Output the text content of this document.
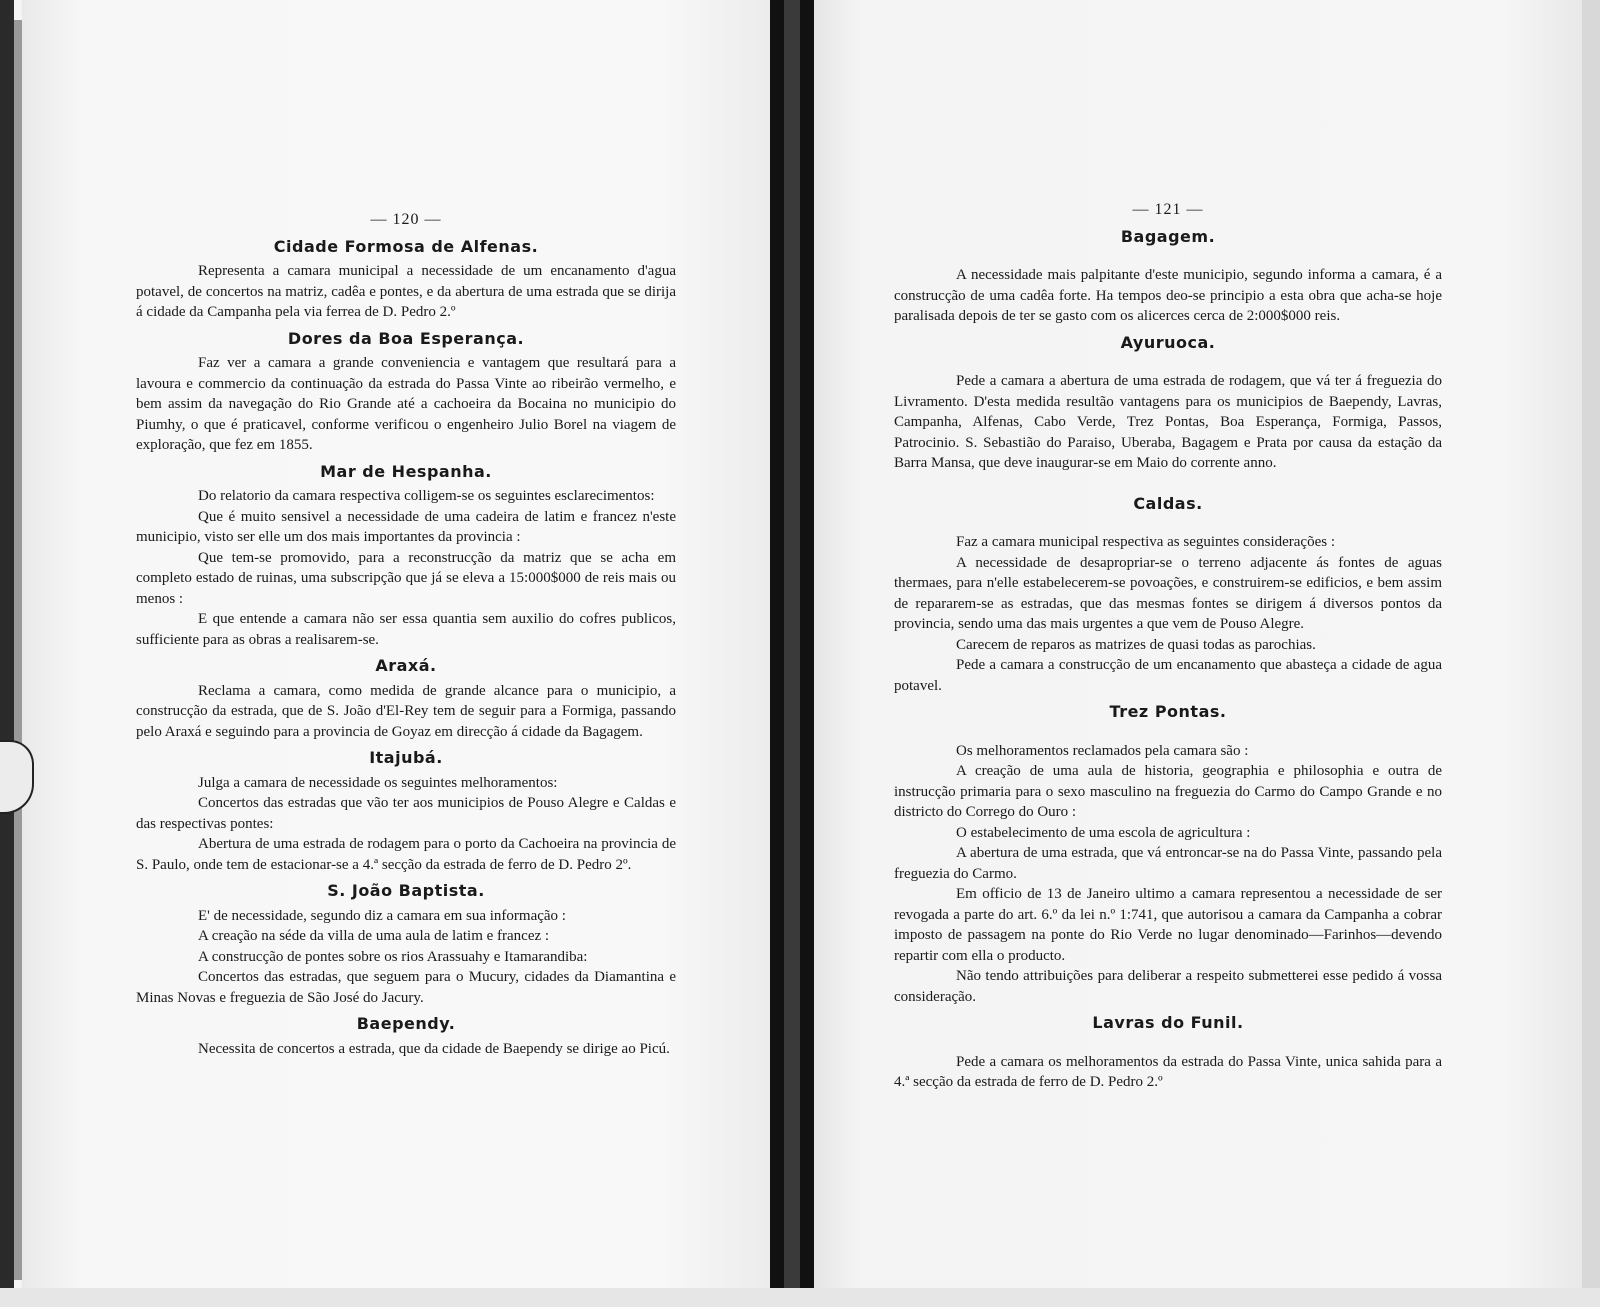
— 120 —
Cidade Formosa de Alfenas.

Representa a camara municipal a necessidade de um encanamento d'agua potavel, de concertos na matriz, cadêa e pontes, e da abertura de uma estrada que se dirija á cidade da Campanha pela via ferrea de D. Pedro 2.º

Dores da Boa Esperança.

Faz ver a camara a grande conveniencia e vantagem que resultará para a lavoura e commercio da continuação da estrada do Passa Vinte ao ribeirão vermelho, e bem assim da navegação do Rio Grande até a cachoeira da Bocaina no municipio do Piumhy, o que é praticavel, conforme verificou o engenheiro Julio Borel na viagem de exploração, que fez em 1855.

Mar de Hespanha.

Do relatorio da camara respectiva colligem-se os seguintes esclarecimentos:

Que é muito sensivel a necessidade de uma cadeira de latim e francez n'este municipio, visto ser elle um dos mais importantes da provincia :

Que tem-se promovido, para a reconstrucção da matriz que se acha em completo estado de ruinas, uma subscripção que já se eleva a 15:000$000 de reis mais ou menos :

E que entende a camara não ser essa quantia sem auxilio do cofres publicos, sufficiente para as obras a realisarem-se.

Araxá.

Reclama a camara, como medida de grande alcance para o municipio, a construcção da estrada, que de S. João d'El-Rey tem de seguir para a Formiga, passando pelo Araxá e seguindo para a provincia de Goyaz em direcção á cidade da Bagagem.

Itajubá.

Julga a camara de necessidade os seguintes melhoramentos:

Concertos das estradas que vão ter aos municipios de Pouso Alegre e Caldas e das respectivas pontes:

Abertura de uma estrada de rodagem para o porto da Cachoeira na provincia de S. Paulo, onde tem de estacionar-se a 4.ª secção da estrada de ferro de D. Pedro 2º.

S. João Baptista.

E' de necessidade, segundo diz a camara em sua informação :

A creação na séde da villa de uma aula de latim e francez :

A construcção de pontes sobre os rios Arassuahy e Itamarandiba:

Concertos das estradas, que seguem para o Mucury, cidades da Diamantina e Minas Novas e freguezia de São José do Jacury.

Baependy.

Necessita de concertos a estrada, que da cidade de Baependy se dirige ao Picú.

— 121 —
Bagagem.

A necessidade mais palpitante d'este municipio, segundo informa a camara, é a construcção de uma cadêa forte. Ha tempos deo-se principio a esta obra que acha-se hoje paralisada depois de ter se gasto com os alicerces cerca de 2:000$000 reis.

Ayuruoca.

Pede a camara a abertura de uma estrada de rodagem, que vá ter á freguezia do Livramento. D'esta medida resultão vantagens para os municipios de Baependy, Lavras, Campanha, Alfenas, Cabo Verde, Trez Pontas, Boa Esperança, Formiga, Passos, Patrocinio. S. Sebastião do Paraiso, Uberaba, Bagagem e Prata por causa da estação da Barra Mansa, que deve inaugurar-se em Maio do corrente anno.

Caldas.

Faz a camara municipal respectiva as seguintes considerações :

A necessidade de desapropriar-se o terreno adjacente ás fontes de aguas thermaes, para n'elle estabelecerem-se povoações, e construirem-se edificios, e bem assim de repararem-se as estradas, que das mesmas fontes se dirigem á diversos pontos da provincia, sendo uma das mais urgentes a que vem de Pouso Alegre.

Carecem de reparos as matrizes de quasi todas as parochias.

Pede a camara a construcção de um encanamento que abasteça a cidade de agua potavel.

Trez Pontas.

Os melhoramentos reclamados pela camara são :

A creação de uma aula de historia, geographia e philosophia e outra de instrucção primaria para o sexo masculino na freguezia do Carmo do Campo Grande e no districto do Corrego do Ouro :

O estabelecimento de uma escola de agricultura :

A abertura de uma estrada, que vá entroncar-se na do Passa Vinte, passando pela freguezia do Carmo.

Em officio de 13 de Janeiro ultimo a camara representou a necessidade de ser revogada a parte do art. 6.º da lei n.º 1:741, que autorisou a camara da Campanha a cobrar imposto de passagem na ponte do Rio Verde no lugar denominado—Farinhos—devendo repartir com ella o producto.

Não tendo attribuições para deliberar a respeito submetterei esse pedido á vossa consideração.

Lavras do Funil.

Pede a camara os melhoramentos da estrada do Passa Vinte, unica sahida para a 4.ª secção da estrada de ferro de D. Pedro 2.º
